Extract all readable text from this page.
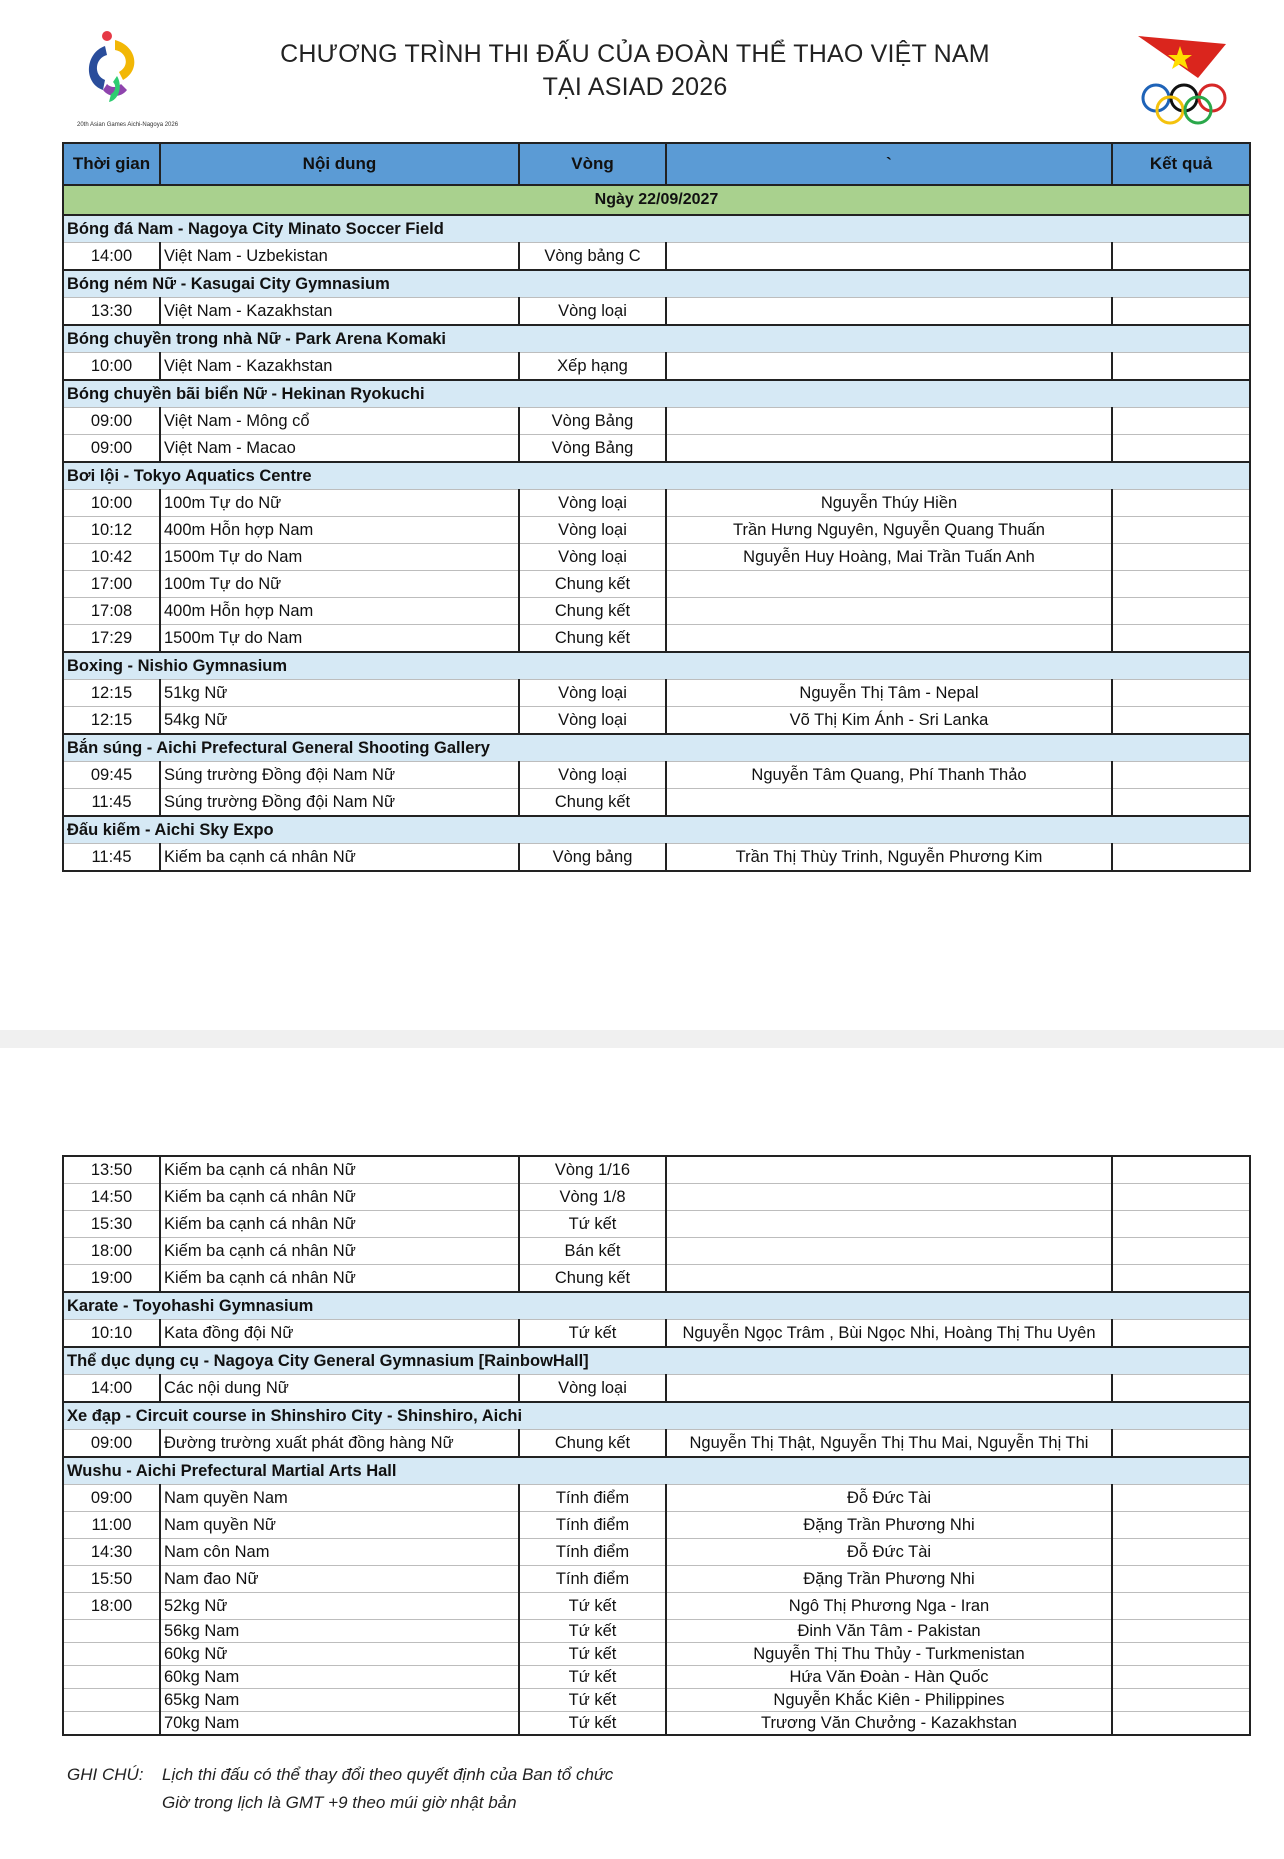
20th Asian Games Aichi-Nagoya 2026
CHƯƠNG TRÌNH THI ĐẤU CỦA ĐOÀN THỂ THAO VIỆT NAM
TẠI ASIAD 2026
Thời gian	Nội dung	Vòng	`	Kết quả
Ngày 22/09/2027				
Bóng đá Nam - Nagoya City Minato Soccer Field				
14:00	Việt Nam - Uzbekistan	Vòng bảng C		
Bóng ném Nữ - Kasugai City Gymnasium				
13:30	Việt Nam - Kazakhstan	Vòng loại		
Bóng chuyền trong nhà Nữ - Park Arena Komaki				
10:00	Việt Nam - Kazakhstan	Xếp hạng		
Bóng chuyền bãi biển Nữ - Hekinan Ryokuchi				
09:00	Việt Nam - Mông cổ	Vòng Bảng		
09:00	Việt Nam - Macao	Vòng Bảng		
Bơi lội - Tokyo Aquatics Centre				
10:00	100m Tự do Nữ	Vòng loại	Nguyễn Thúy Hiền	
10:12	400m Hỗn hợp Nam	Vòng loại	Trần Hưng Nguyên, Nguyễn Quang Thuấn	
10:42	1500m Tự do Nam	Vòng loại	Nguyễn Huy Hoàng, Mai Trần Tuấn Anh	
17:00	100m Tự do Nữ	Chung kết		
17:08	400m Hỗn hợp Nam	Chung kết		
17:29	1500m Tự do Nam	Chung kết		
Boxing - Nishio Gymnasium				
12:15	51kg Nữ	Vòng loại	Nguyễn Thị Tâm - Nepal	
12:15	54kg Nữ	Vòng loại	Võ Thị Kim Ánh - Sri Lanka	
Bắn súng - Aichi Prefectural General Shooting Gallery				
09:45	Súng trường Đồng đội Nam Nữ	Vòng loại	Nguyễn Tâm Quang, Phí Thanh Thảo	
11:45	Súng trường Đồng đội Nam Nữ	Chung kết		
Đấu kiếm - Aichi Sky Expo				
11:45	Kiếm ba cạnh cá nhân Nữ	Vòng bảng	Trần Thị Thùy Trinh, Nguyễn Phương Kim	
13:50	Kiếm ba cạnh cá nhân Nữ	Vòng 1/16		
14:50	Kiếm ba cạnh cá nhân Nữ	Vòng 1/8		
15:30	Kiếm ba cạnh cá nhân Nữ	Tứ kết		
18:00	Kiếm ba cạnh cá nhân Nữ	Bán kết		
19:00	Kiếm ba cạnh cá nhân Nữ	Chung kết		
Karate - Toyohashi Gymnasium				
10:10	Kata đồng đội Nữ	Tứ kết	Nguyễn Ngọc Trâm , Bùi Ngọc Nhi, Hoàng Thị Thu Uyên	
Thể dục dụng cụ - Nagoya City General Gymnasium [RainbowHall]				
14:00	Các nội dung Nữ	Vòng loại		
Xe đạp - Circuit course in Shinshiro City - Shinshiro, Aichi				
09:00	Đường trường xuất phát đồng hàng Nữ	Chung kết	Nguyễn Thị Thật, Nguyễn Thị Thu Mai, Nguyễn Thị Thi	
Wushu - Aichi Prefectural Martial Arts Hall				
09:00	Nam quyền Nam	Tính điểm	Đỗ Đức Tài	
11:00	Nam quyền Nữ	Tính điểm	Đặng Trần Phương Nhi	
14:30	Nam côn Nam	Tính điểm	Đỗ Đức Tài	
15:50	Nam đao Nữ	Tính điểm	Đặng Trần Phương Nhi	
18:00	52kg Nữ	Tứ kết	Ngô Thị Phương Nga - Iran	
	56kg Nam	Tứ kết	Đinh Văn Tâm - Pakistan	
	60kg Nữ	Tứ kết	Nguyễn Thị Thu Thủy - Turkmenistan	
	60kg Nam	Tứ kết	Hứa Văn Đoàn - Hàn Quốc	
	65kg Nam	Tứ kết	Nguyễn Khắc Kiên - Philippines	
	70kg Nam	Tứ kết	Trương Văn Chưởng - Kazakhstan	
GHI CHÚ: Lịch thi đấu có thể thay đổi theo quyết định của Ban tổ chức
Giờ trong lịch là GMT +9 theo múi giờ nhật bản
